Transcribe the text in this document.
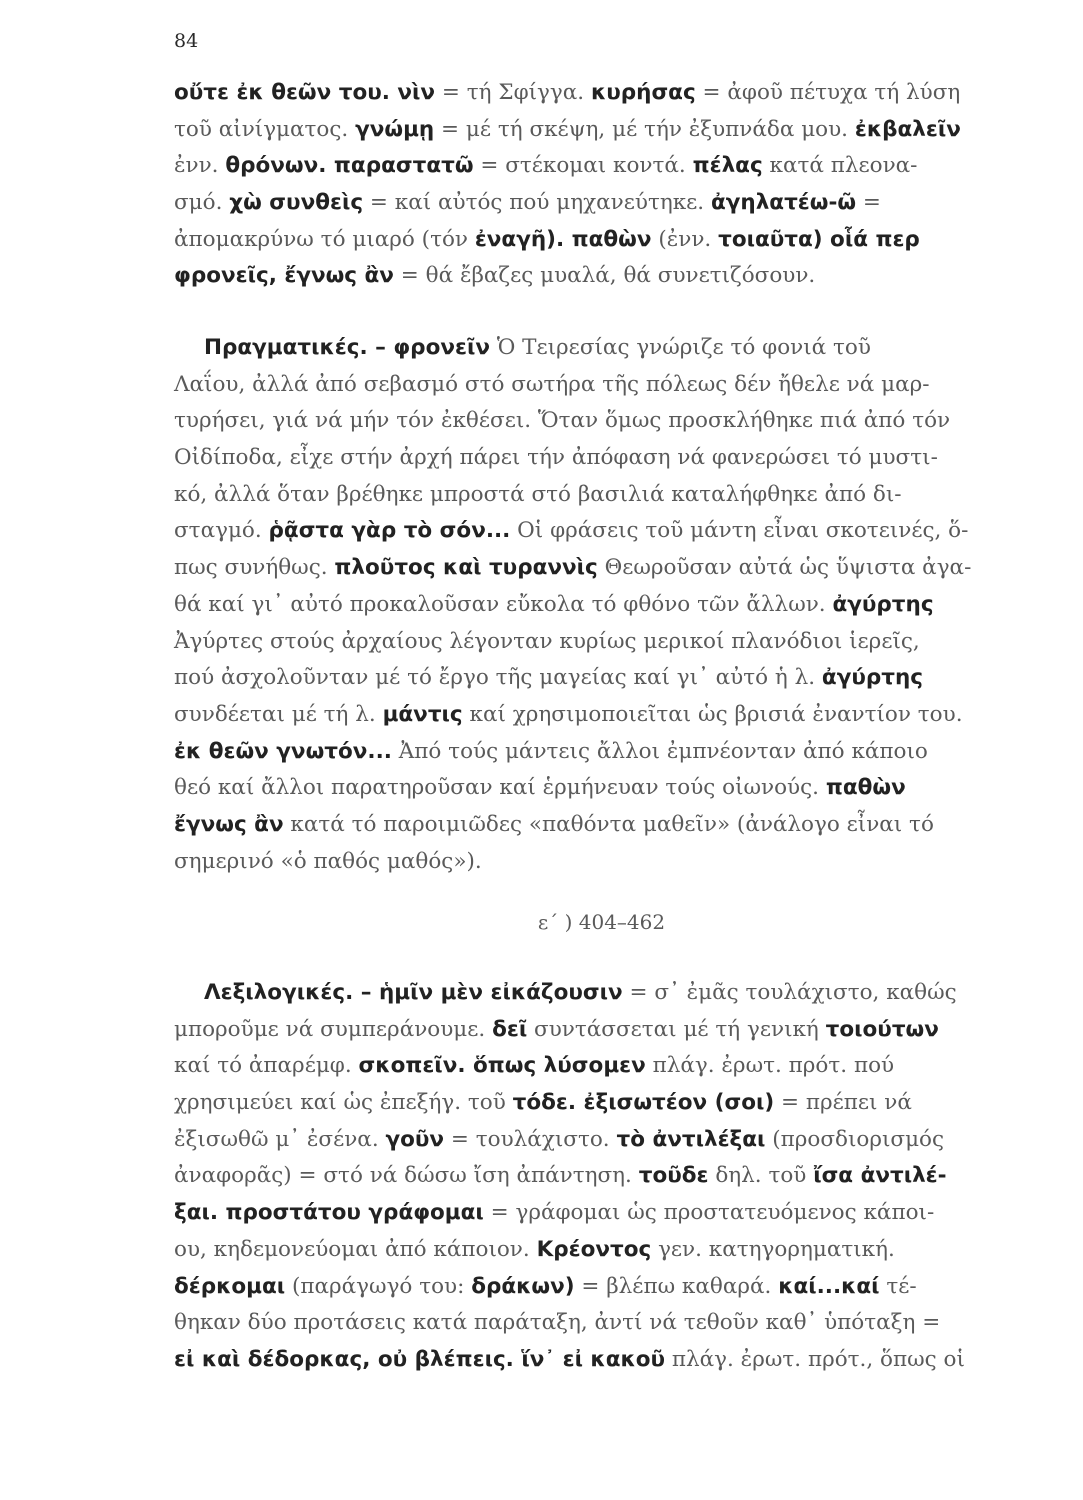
84
οὔτε ἐκ θεῶν του. νὶν = τή Σφίγγα. κυρήσας = ἀφοῦ πέτυχα τή λύση
τοῦ αἰνίγματος. γνώμῃ = μέ τή σκέψη, μέ τήν ἐξυπνάδα μου. ἐκβαλεῖν
ἐνν. θρόνων. παραστατῶ = στέκομαι κοντά. πέλας κατά πλεονα-
σμό. χὼ συνθεὶς = καί αὐτός πού μηχανεύτηκε. ἀγηλατέω-ῶ =
ἀπομακρύνω τό μιαρό (τόν ἐναγῆ). παθὼν (ἐνν. τοιαῦτα) οἷά περ
φρονεῖς, ἔγνως ἂν = θά ἔβαζες μυαλά, θά συνετιζόσουν.
Πραγματικές. – φρονεῖν Ὁ Τειρεσίας γνώριζε τό φονιά τοῦ
Λαΐου, ἀλλά ἀπό σεβασμό στό σωτήρα τῆς πόλεως δέν ἤθελε νά μαρ-
τυρήσει, γιά νά μήν τόν ἐκθέσει. Ὅταν ὅμως προσκλήθηκε πιά ἀπό τόν
Οἰδίποδα, εἶχε στήν ἀρχή πάρει τήν ἀπόφαση νά φανερώσει τό μυστι-
κό, ἀλλά ὅταν βρέθηκε μπροστά στό βασιλιά καταλήφθηκε ἀπό δι-
σταγμό. ῥᾷστα γὰρ τὸ σόν... Οἱ φράσεις τοῦ μάντη εἶναι σκοτεινές, ὅ-
πως συνήθως. πλοῦτος καὶ τυραννὶς Θεωροῦσαν αὐτά ὡς ὕψιστα ἀγα-
θά καί γι᾽ αὐτό προκαλοῦσαν εὔκολα τό φθόνο τῶν ἄλλων. ἀγύρτης
Ἀγύρτες στούς ἀρχαίους λέγονταν κυρίως μερικοί πλανόδιοι ἱερεῖς,
πού ἀσχολοῦνταν μέ τό ἔργο τῆς μαγείας καί γι᾽ αὐτό ἡ λ. ἀγύρτης
συνδέεται μέ τή λ. μάντις καί χρησιμοποιεῖται ὡς βρισιά ἐναντίον του.
ἐκ θεῶν γνωτόν... Ἀπό τούς μάντεις ἄλλοι ἐμπνέονταν ἀπό κάποιο
θεό καί ἄλλοι παρατηροῦσαν καί ἑρμήνευαν τούς οἰωνούς. παθὼν
ἔγνως ἂν κατά τό παροιμιῶδες «παθόντα μαθεῖν» (ἀνάλογο εἶναι τό
σημερινό «ὁ παθός μαθός»).
ε΄ ) 404–462
Λεξιλογικές. – ἡμῖν μὲν εἰκάζουσιν = σ᾽ ἐμᾶς τουλάχιστο, καθώς
μποροῦμε νά συμπεράνουμε. δεῖ συντάσσεται μέ τή γενική τοιούτων
καί τό ἀπαρέμφ. σκοπεῖν. ὅπως λύσομεν πλάγ. ἐρωτ. πρότ. πού
χρησιμεύει καί ὡς ἐπεξήγ. τοῦ τόδε. ἐξισωτέον (σοι) = πρέπει νά
ἐξισωθῶ μ᾽ ἐσένα. γοῦν = τουλάχιστο. τὸ ἀντιλέξαι (προσδιορισμός
ἀναφορᾶς) = στό νά δώσω ἴση ἀπάντηση. τοῦδε δηλ. τοῦ ἴσα ἀντιλέ-
ξαι. προστάτου γράφομαι = γράφομαι ὡς προστατευόμενος κάποι-
ου, κηδεμονεύομαι ἀπό κάποιον. Κρέοντος γεν. κατηγορηματική.
δέρκομαι (παράγωγό του: δράκων) = βλέπω καθαρά. καί...καί τέ-
θηκαν δύο προτάσεις κατά παράταξη, ἀντί νά τεθοῦν καθ᾽ ὑπόταξη =
εἰ καὶ δέδορκας, οὐ βλέπεις. ἵν᾽ εἰ κακοῦ πλάγ. ἐρωτ. πρότ., ὅπως οἱ
